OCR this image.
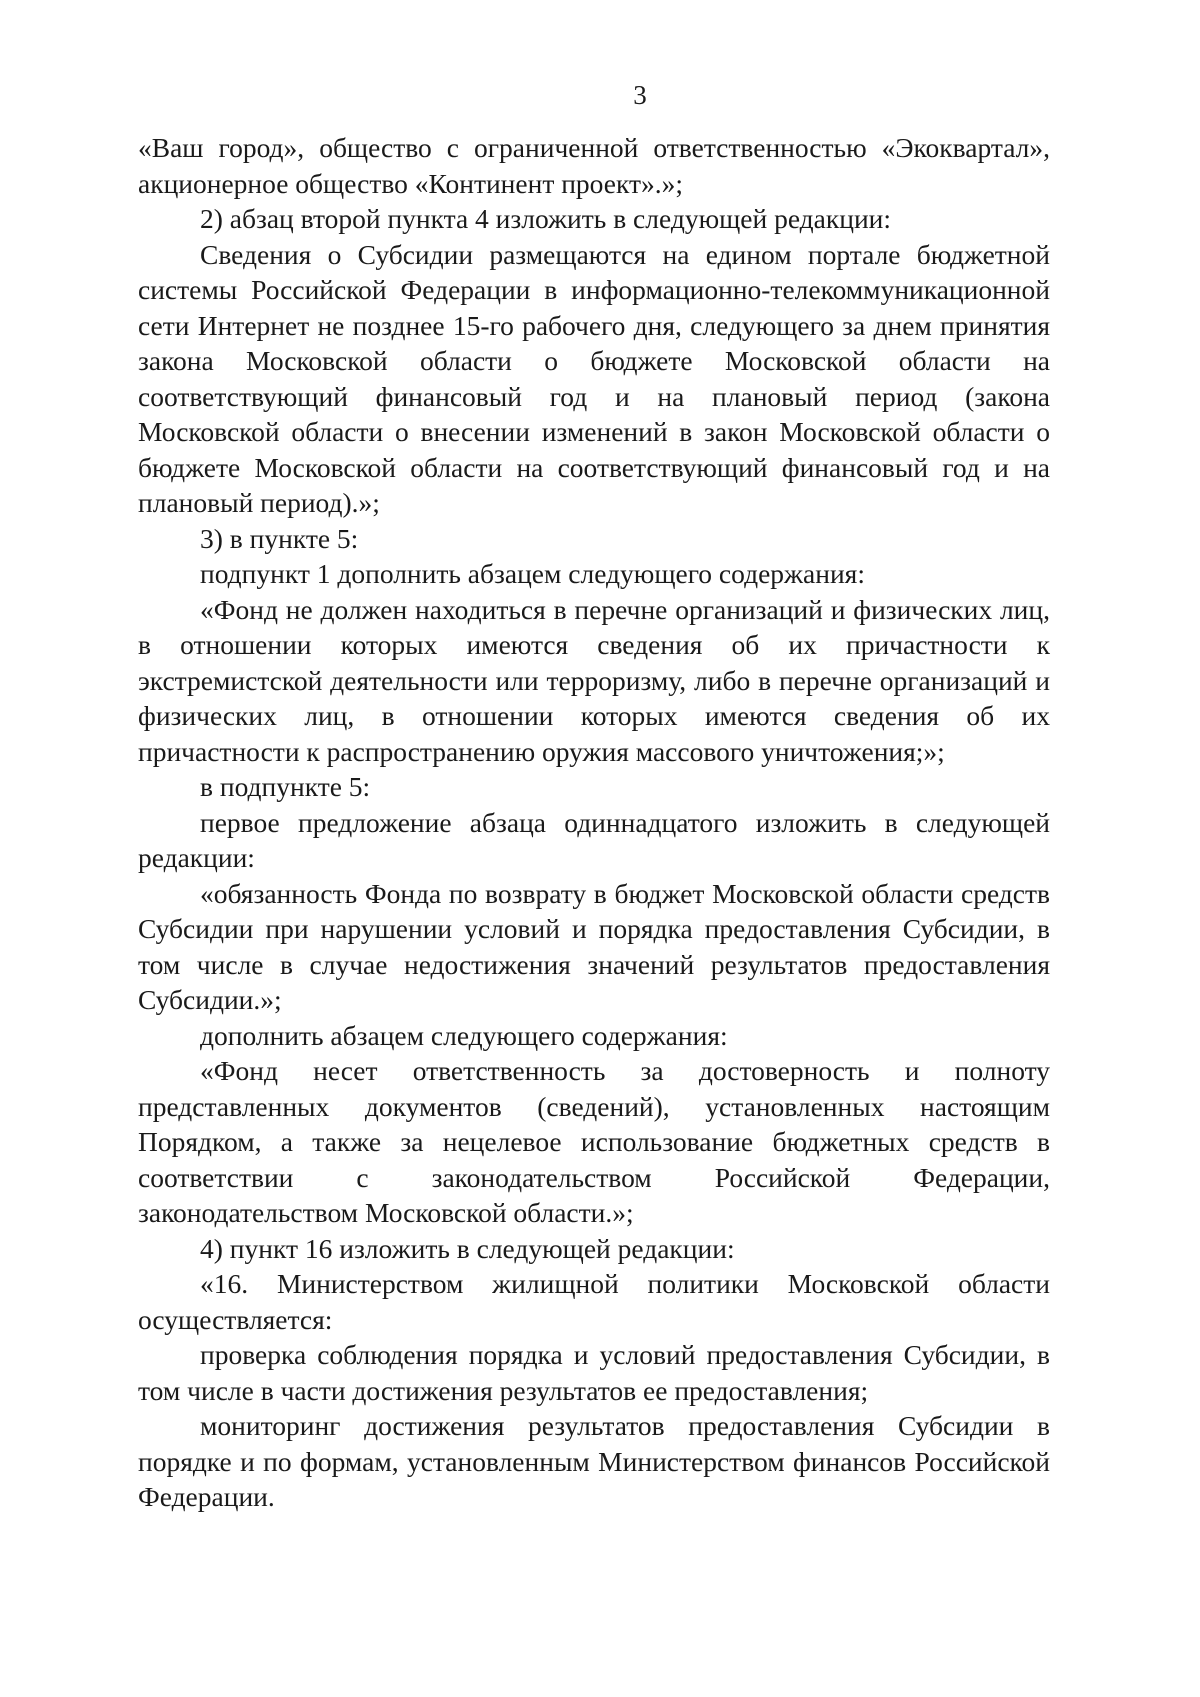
3

«Ваш город», общество с ограниченной ответственностью «Экоквартал», акционерное общество «Континент проект».»;

2) абзац второй пункта 4 изложить в следующей редакции:

Сведения о Субсидии размещаются на едином портале бюджетной системы Российской Федерации в информационно-телекоммуникационной сети Интернет не позднее 15-го рабочего дня, следующего за днем принятия закона Московской области о бюджете Московской области на соответствующий финансовый год и на плановый период (закона Московской области о внесении изменений в закон Московской области о бюджете Московской области на соответствующий финансовый год и на плановый период).»;

3) в пункте 5:

подпункт 1 дополнить абзацем следующего содержания:

«Фонд не должен находиться в перечне организаций и физических лиц, в отношении которых имеются сведения об их причастности к экстремистской деятельности или терроризму, либо в перечне организаций и физических лиц, в отношении которых имеются сведения об их причастности к распространению оружия массового уничтожения;»;

в подпункте 5:

первое предложение абзаца одиннадцатого изложить в следующей редакции:

«обязанность Фонда по возврату в бюджет Московской области средств Субсидии при нарушении условий и порядка предоставления Субсидии, в том числе в случае недостижения значений результатов предоставления Субсидии.»;

дополнить абзацем следующего содержания:

«Фонд несет ответственность за достоверность и полноту представленных документов (сведений), установленных настоящим Порядком, а также за нецелевое использование бюджетных средств в соответствии с законодательством Российской Федерации, законодательством Московской области.»;

4) пункт 16 изложить в следующей редакции:

«16. Министерством жилищной политики Московской области осуществляется:

проверка соблюдения порядка и условий предоставления Субсидии, в том числе в части достижения результатов ее предоставления;

мониторинг достижения результатов предоставления Субсидии в порядке и по формам, установленным Министерством финансов Российской Федерации.
